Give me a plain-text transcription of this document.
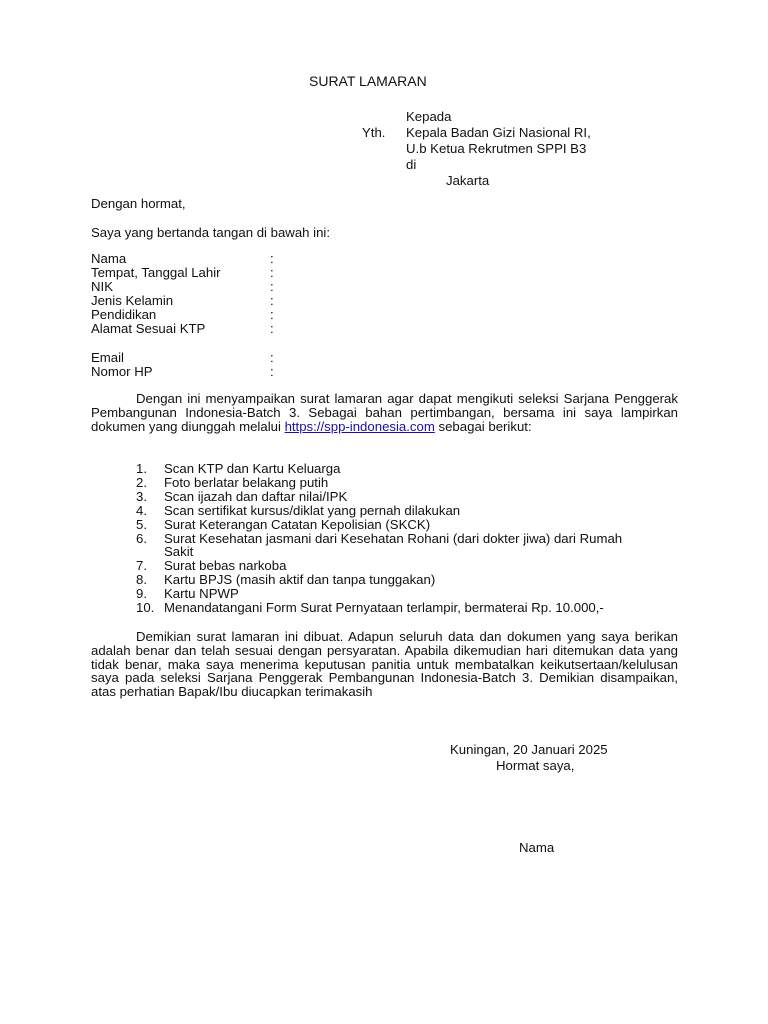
SURAT LAMARAN
Kepada
Yth. Kepala Badan Gizi Nasional RI,
U.b Ketua Rekrutmen SPPI B3
di
Jakarta
Dengan hormat,
Saya yang bertanda tangan di bawah ini:
Nama	:
Tempat, Tanggal Lahir	:
NIK	:
Jenis Kelamin	:
Pendidikan	:
Alamat Sesuai KTP	:
Email	:
Nomor HP	:
Dengan ini menyampaikan surat lamaran agar dapat mengikuti seleksi Sarjana Penggerak Pembangunan Indonesia-Batch 3. Sebagai bahan pertimbangan, bersama ini saya lampirkan dokumen yang diunggah melalui https://spp-indonesia.com sebagai berikut:
1. Scan KTP dan Kartu Keluarga
2. Foto berlatar belakang putih
3. Scan ijazah dan daftar nilai/IPK
4. Scan sertifikat kursus/diklat yang pernah dilakukan
5. Surat Keterangan Catatan Kepolisian (SKCK)
6. Surat Kesehatan jasmani dari Kesehatan Rohani (dari dokter jiwa) dari Rumah Sakit
7. Surat bebas narkoba
8. Kartu BPJS (masih aktif dan tanpa tunggakan)
9. Kartu NPWP
10. Menandatangani Form Surat Pernyataan terlampir, bermaterai Rp. 10.000,-
Demikian surat lamaran ini dibuat. Adapun seluruh data dan dokumen yang saya berikan adalah benar dan telah sesuai dengan persyaratan. Apabila dikemudian hari ditemukan data yang tidak benar, maka saya menerima keputusan panitia untuk membatalkan keikutsertaan/kelulusan saya pada seleksi Sarjana Penggerak Pembangunan Indonesia-Batch 3. Demikian disampaikan, atas perhatian Bapak/Ibu diucapkan terimakasih
Kuningan, 20 Januari 2025
Hormat saya,
Nama
